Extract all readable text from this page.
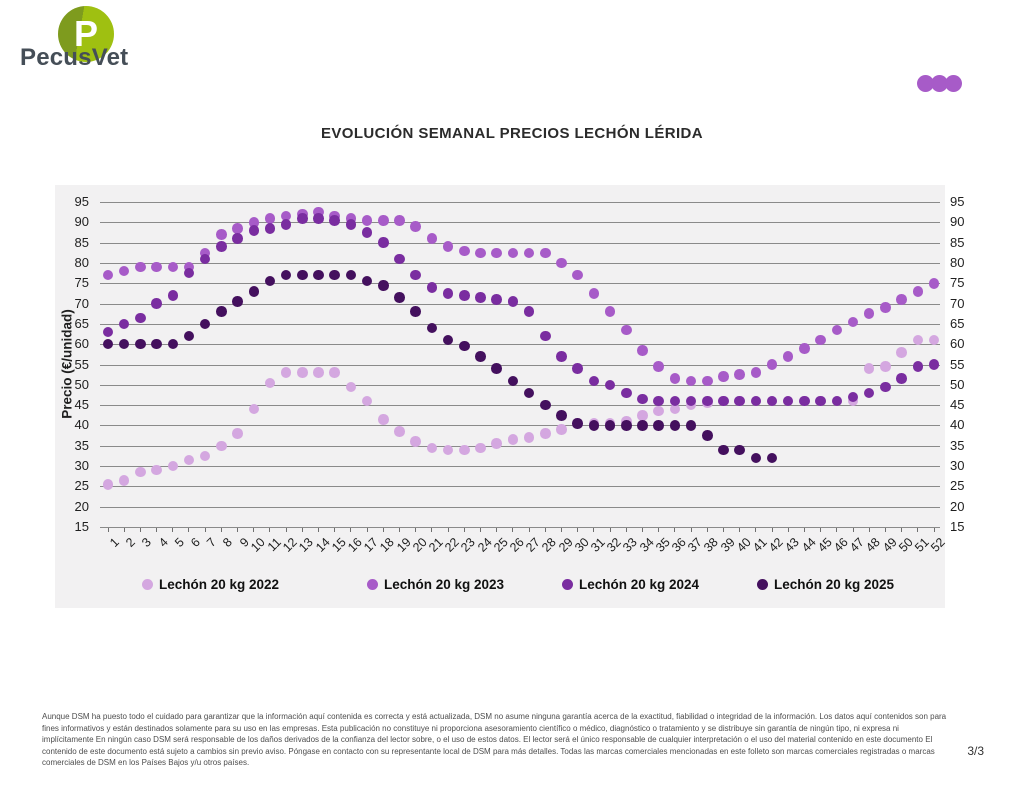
P
PecusVet
EVOLUCIÓN SEMANAL PRECIOS LECHÓN LÉRIDA
Precio (€/unidad)
15	15
20	20
25	25
30	30
35	35
40	40
45	45
50	50
55	55
60	60
65	65
70	70
75	75
80	80
85	85
90	90
95	95
1 2 3 4 5 6 7 8 9
10
11
12
13
14
15
16
17
18
19
20
21
22
23
24
25
26
27
28
29
30
31
32
33
34
35
36
37
38
39
40
41
42
43
44
45
46
47
48
49
50
51
52
Lechón 20 kg 2022	Lechón 20 kg 2023	Lechón 20 kg 2024	Lechón 20 kg 2025
Aunque DSM ha puesto todo el cuidado para garantizar que la información aquí contenida es correcta y está actualizada, DSM no asume ninguna garantía acerca de la exactitud, fiabilidad o integridad de la información. Los datos aquí contenidos son para
fines informativos y están destinados solamente para su uso en las empresas. Esta publicación no constituye ni proporciona asesoramiento científico o médico, diagnóstico o tratamiento y se distribuye sin garantía de ningún tipo, ni expresa ni
implícitamente En ningún caso DSM será responsable de los daños derivados de la confianza del lector sobre, o el uso de estos datos. El lector será el único responsable de cualquier interpretación o el uso del material contenido en este documento El
contenido de este documento está sujeto a cambios sin previo aviso. Póngase en contacto con su representante local de DSM para más detalles. Todas las marcas comerciales mencionadas en este folleto son marcas comerciales registradas o marcas
comerciales de DSM en los Países Bajos y/u otros países.
3/3
